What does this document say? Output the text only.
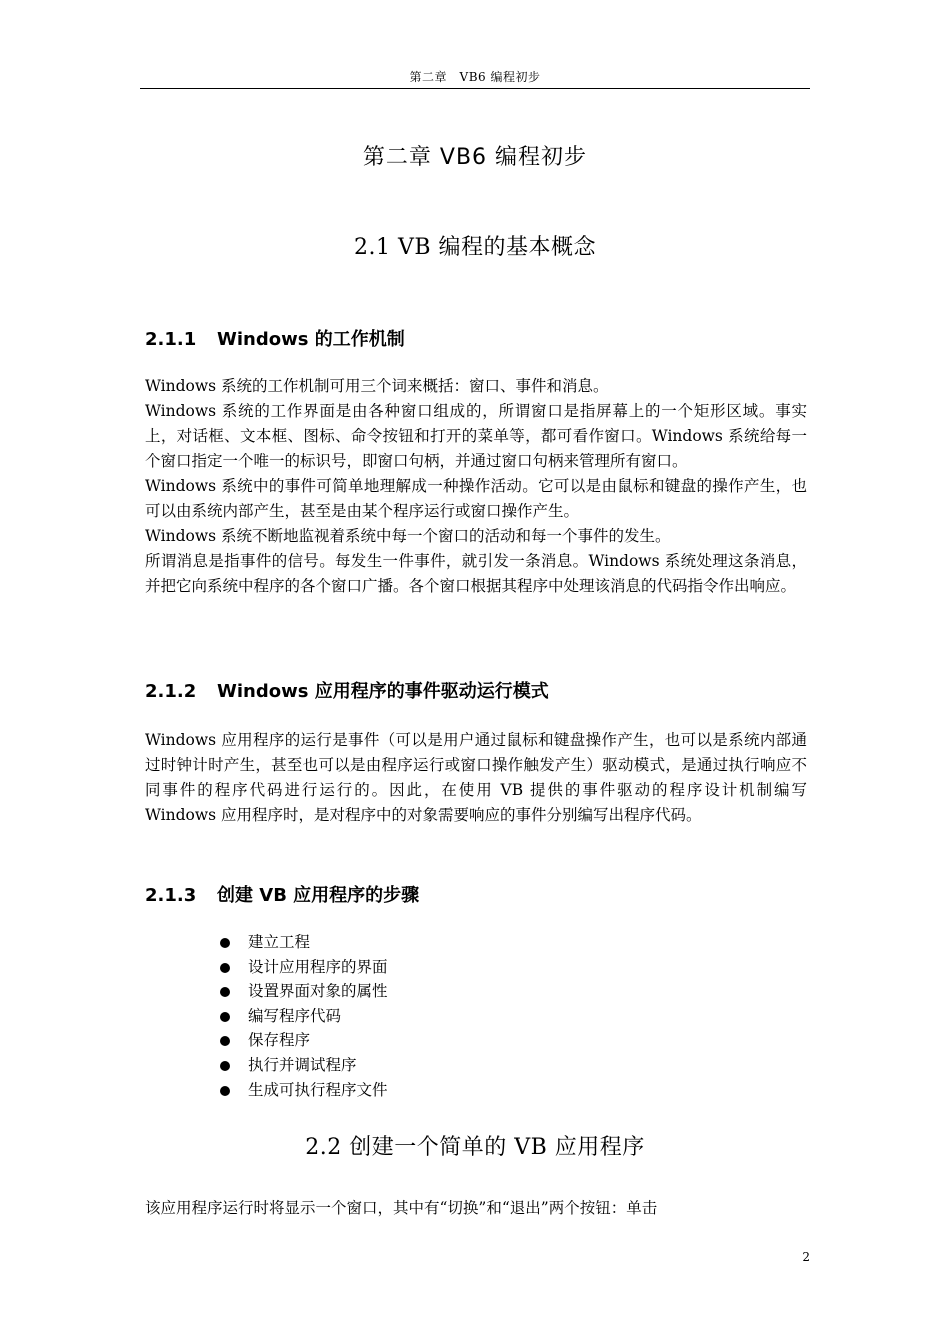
第二章　VB6 编程初步
第二章 VB6 编程初步
2.1 VB 编程的基本概念
2.1.1 Windows 的工作机制

Windows 系统的工作机制可用三个词来概括：窗口、事件和消息。

Windows 系统的工作界面是由各种窗口组成的，所谓窗口是指屏幕上的一个矩形区域。事实上，对话框、文本框、图标、命令按钮和打开的菜单等，都可看作窗口。Windows 系统给每一个窗口指定一个唯一的标识号，即窗口句柄，并通过窗口句柄来管理所有窗口。

Windows 系统中的事件可简单地理解成一种操作活动。它可以是由鼠标和键盘的操作产生，也可以由系统内部产生，甚至是由某个程序运行或窗口操作产生。

Windows 系统不断地监视着系统中每一个窗口的活动和每一个事件的发生。

所谓消息是指事件的信号。每发生一件事件，就引发一条消息。Windows 系统处理这条消息，并把它向系统中程序的各个窗口广播。各个窗口根据其程序中处理该消息的代码指令作出响应。

2.1.2 Windows 应用程序的事件驱动运行模式

Windows 应用程序的运行是事件（可以是用户通过鼠标和键盘操作产生，也可以是系统内部通过时钟计时产生，甚至也可以是由程序运行或窗口操作触发产生）驱动模式，是通过执行响应不同事件的程序代码进行运行的。因此，在使用 VB 提供的事件驱动的程序设计机制编写 Windows 应用程序时，是对程序中的对象需要响应的事件分别编写出程序代码。

2.1.3 创建 VB 应用程序的步骤
建立工程
设计应用程序的界面
设置界面对象的属性
编写程序代码
保存程序
执行并调试程序
生成可执行程序文件
2.2 创建一个简单的 VB 应用程序

该应用程序运行时将显示一个窗口，其中有“切换”和“退出”两个按钮：单击

2
